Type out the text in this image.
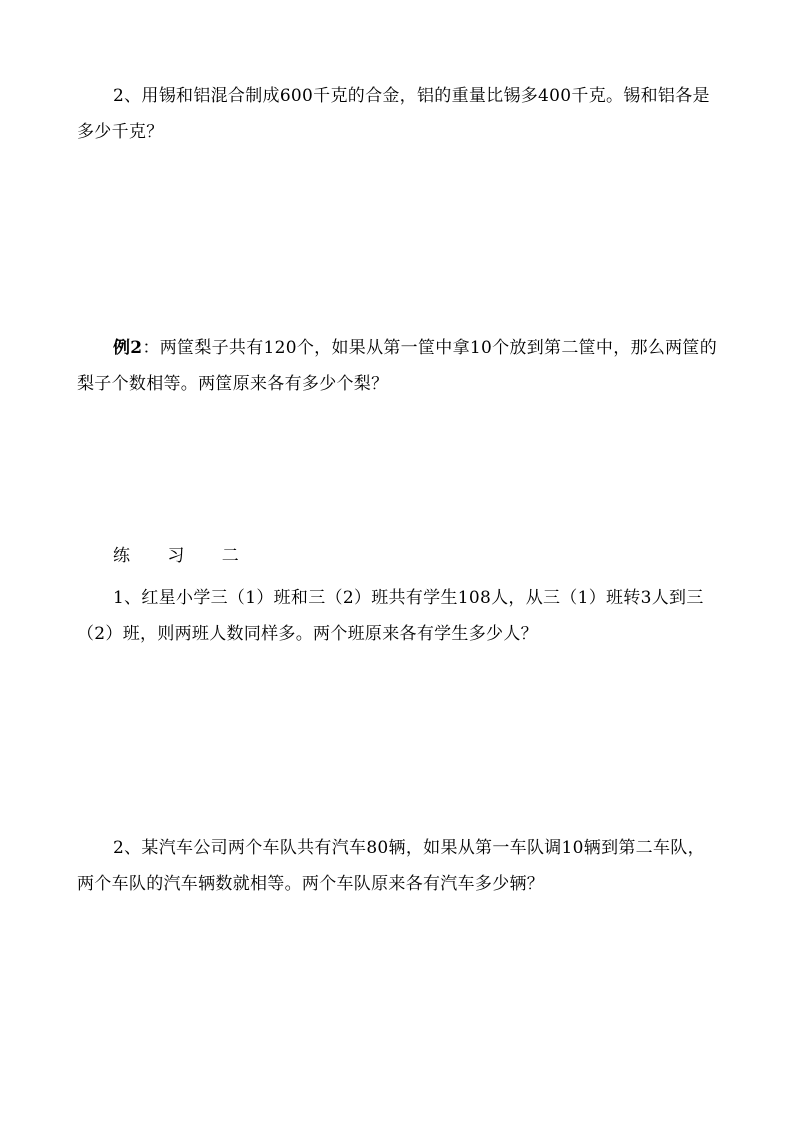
2、用锡和铝混合制成600千克的合金，铝的重量比锡多400千克。锡和铝各是多少千克？

例2：两筐梨子共有120个，如果从第一筐中拿10个放到第二筐中，那么两筐的梨子个数相等。两筐原来各有多少个梨？

练 习 二

1、红星小学三（1）班和三（2）班共有学生108人，从三（1）班转3人到三（2）班，则两班人数同样多。两个班原来各有学生多少人？

2、某汽车公司两个车队共有汽车80辆，如果从第一车队调10辆到第二车队，两个车队的汽车辆数就相等。两个车队原来各有汽车多少辆？
